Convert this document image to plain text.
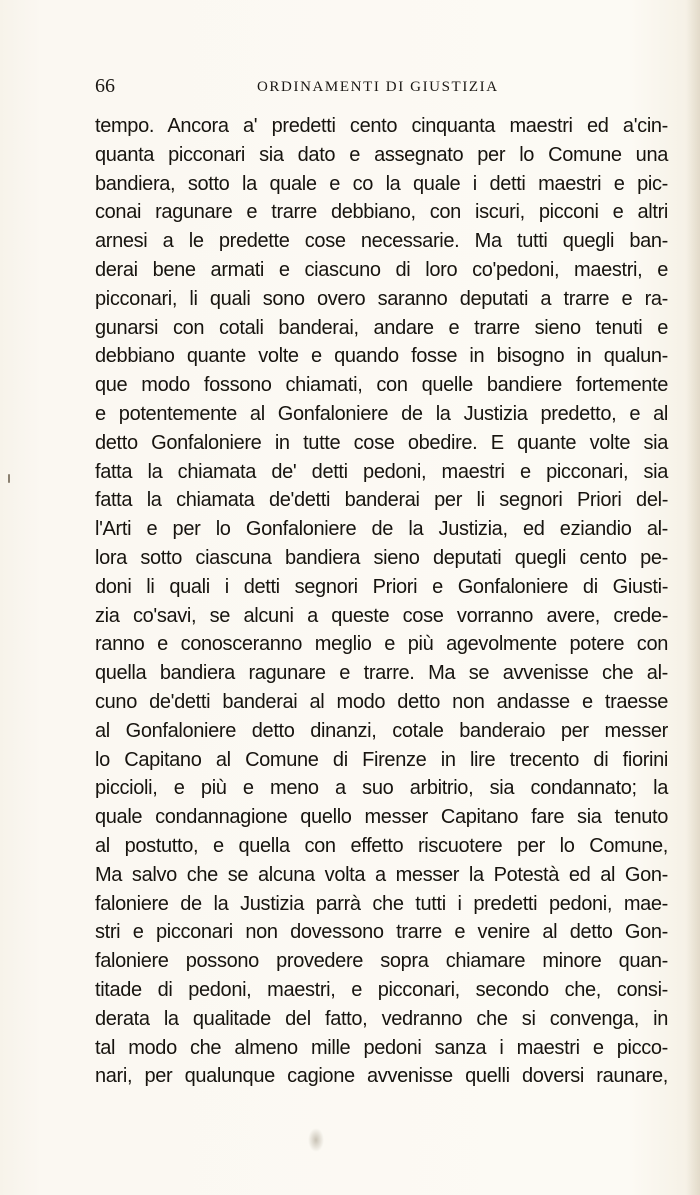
66	ORDINAMENTI DI GIUSTIZIA
tempo. Ancora a' predetti cento cinquanta maestri ed a'cin-
quanta picconari sia dato e assegnato per lo Comune una
bandiera, sotto la quale e co la quale i detti maestri e pic-
conai ragunare e trarre debbiano, con iscuri, picconi e altri
arnesi a le predette cose necessarie. Ma tutti quegli ban-
derai bene armati e ciascuno di loro co'pedoni, maestri, e
picconari, li quali sono overo saranno deputati a trarre e ra-
gunarsi con cotali banderai, andare e trarre sieno tenuti e
debbiano quante volte e quando fosse in bisogno in qualun-
que modo fossono chiamati, con quelle bandiere fortemente
e potentemente al Gonfaloniere de la Justizia predetto, e al
detto Gonfaloniere in tutte cose obedire. E quante volte sia
fatta la chiamata de' detti pedoni, maestri e picconari, sia
fatta la chiamata de'detti banderai per li segnori Priori del-
l'Arti e per lo Gonfaloniere de la Justizia, ed eziandio al-
lora sotto ciascuna bandiera sieno deputati quegli cento pe-
doni li quali i detti segnori Priori e Gonfaloniere di Giusti-
zia co'savi, se alcuni a queste cose vorranno avere, crede-
ranno e conosceranno meglio e più agevolmente potere con
quella bandiera ragunare e trarre. Ma se avvenisse che al-
cuno de'detti banderai al modo detto non andasse e traesse
al Gonfaloniere detto dinanzi, cotale banderaio per messer
lo Capitano al Comune di Firenze in lire trecento di fiorini
piccioli, e più e meno a suo arbitrio, sia condannato; la
quale condannagione quello messer Capitano fare sia tenuto
al postutto, e quella con effetto riscuotere per lo Comune,
Ma salvo che se alcuna volta a messer la Potestà ed al Gon-
faloniere de la Justizia parrà che tutti i predetti pedoni, mae-
stri e picconari non dovessono trarre e venire al detto Gon-
faloniere possono provedere sopra chiamare minore quan-
titade di pedoni, maestri, e picconari, secondo che, consi-
derata la qualitade del fatto, vedranno che si convenga, in
tal modo che almeno mille pedoni sanza i maestri e picco-
nari, per qualunque cagione avvenisse quelli doversi raunare,
